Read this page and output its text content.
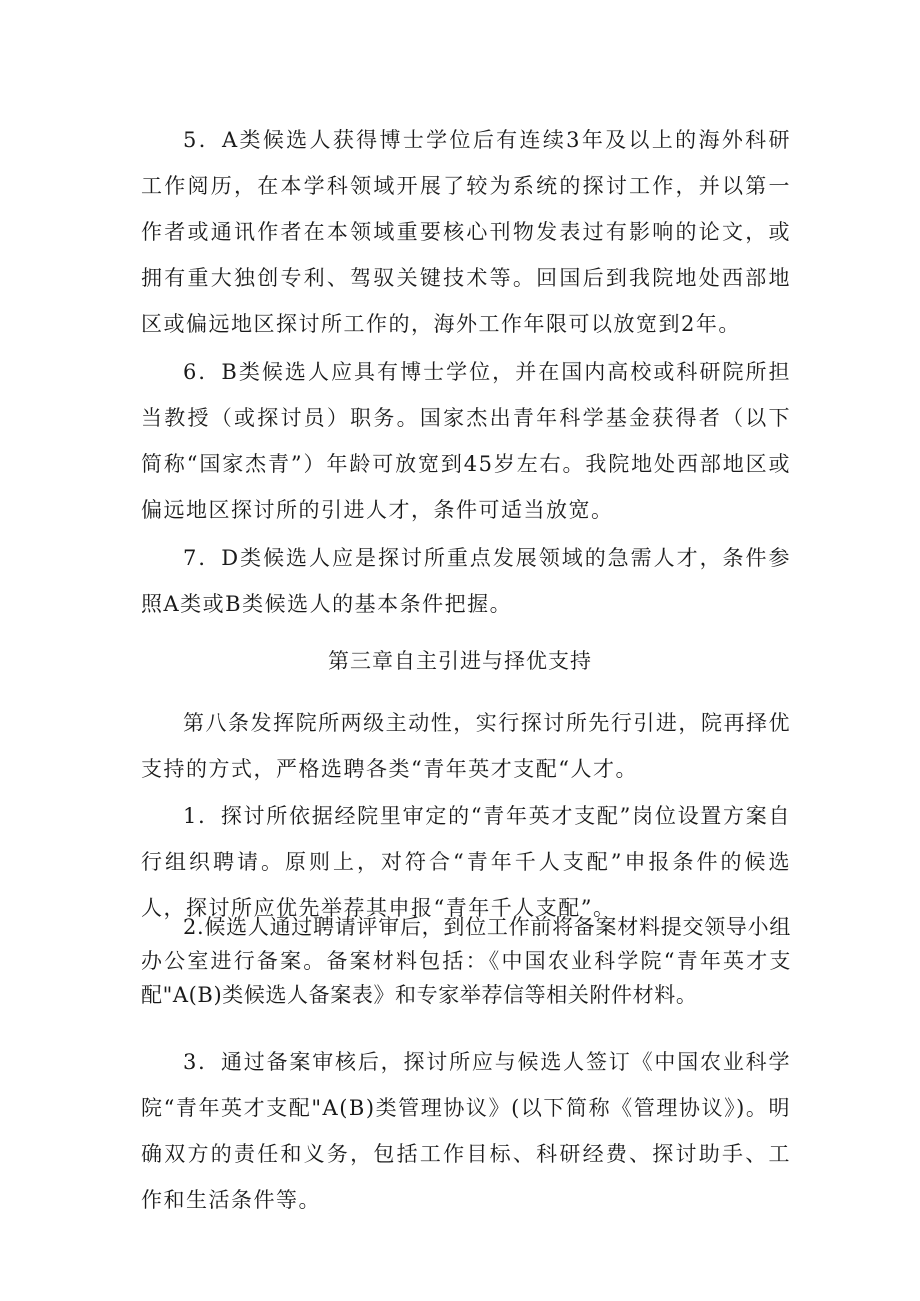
5．A类候选人获得博士学位后有连续3年及以上的海外科研工作阅历，在本学科领域开展了较为系统的探讨工作，并以第一作者或通讯作者在本领域重要核心刊物发表过有影响的论文，或拥有重大独创专利、驾驭关键技术等。回国后到我院地处西部地区或偏远地区探讨所工作的，海外工作年限可以放宽到2年。

6．B类候选人应具有博士学位，并在国内高校或科研院所担当教授（或探讨员）职务。国家杰出青年科学基金获得者（以下简称“国家杰青”）年龄可放宽到45岁左右。我院地处西部地区或偏远地区探讨所的引进人才，条件可适当放宽。

7．D类候选人应是探讨所重点发展领域的急需人才，条件参照A类或B类候选人的基本条件把握。

第三章自主引进与择优支持

第八条发挥院所两级主动性，实行探讨所先行引进，院再择优支持的方式，严格选聘各类“青年英才支配“人才。

1．探讨所依据经院里审定的“青年英才支配”岗位设置方案自行组织聘请。原则上，对符合“青年千人支配”申报条件的候选人，探讨所应优先举荐其申报“青年千人支配”。

2.候选人通过聘请评审后，到位工作前将备案材料提交领导小组办公室进行备案。备案材料包括：《中国农业科学院“青年英才支配"A(B)类候选人备案表》和专家举荐信等相关附件材料。

3．通过备案审核后，探讨所应与候选人签订《中国农业科学院“青年英才支配"A(B)类管理协议》(以下简称《管理协议》)。明确双方的责任和义务，包括工作目标、科研经费、探讨助手、工作和生活条件等。
